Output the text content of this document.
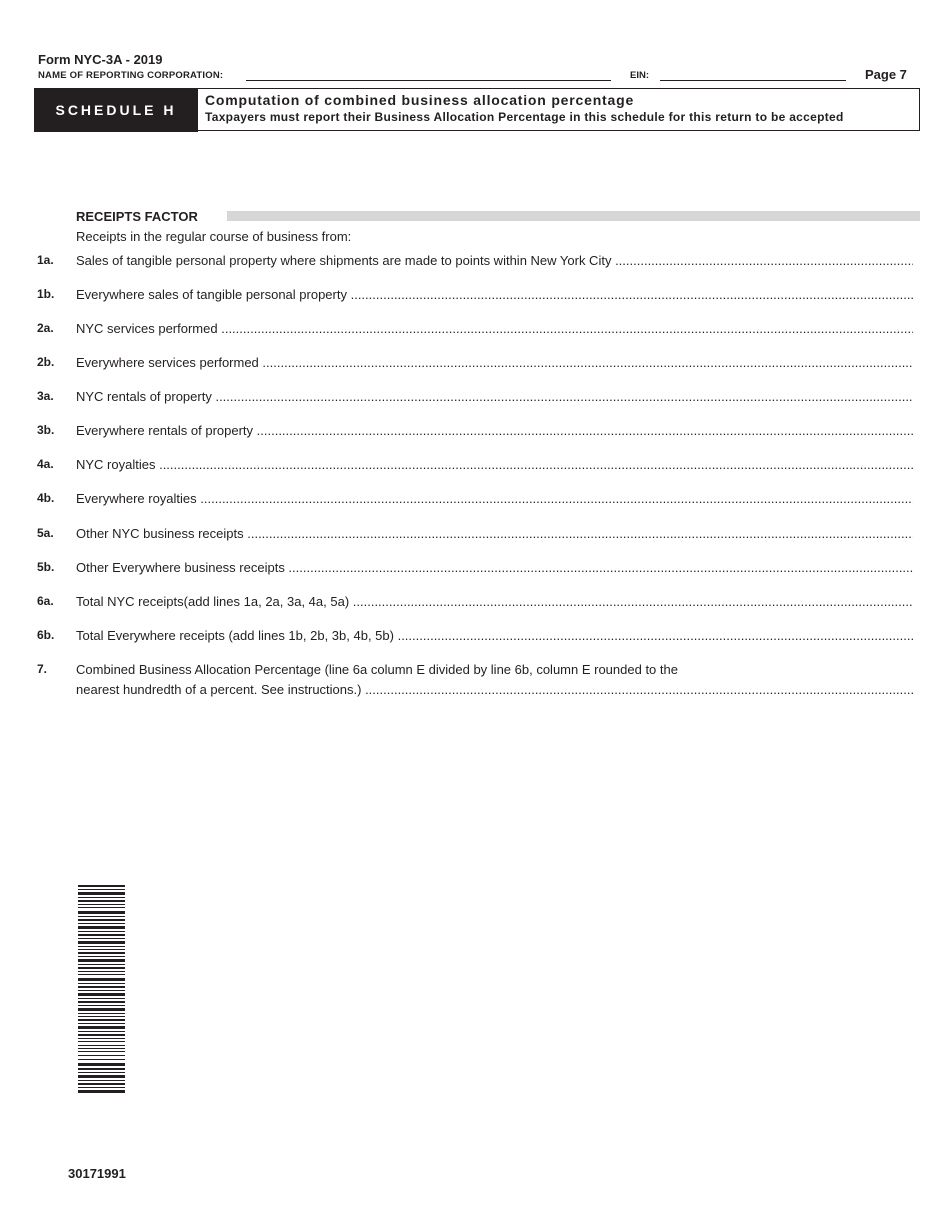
Form NYC-3A - 2019
NAME OF REPORTING CORPORATION:	EIN:	Page 7
SCHEDULE H
Computation of combined business allocation percentage
Taxpayers must report their Business Allocation Percentage in this schedule for this return to be accepted
RECEIPTS FACTOR
Receipts in the regular course of business from:
1a. Sales of tangible personal property where shipments are made to points within New York City .....
1b. Everywhere sales of tangible personal property .....
2a. NYC services performed .....
2b. Everywhere services performed .....
3a. NYC rentals of property .....
3b. Everywhere rentals of property .....
4a. NYC royalties .....
4b. Everywhere royalties .....
5a. Other NYC business receipts .....
5b. Other Everywhere business receipts .....
6a. Total NYC receipts(add lines 1a, 2a, 3a, 4a, 5a) .....
6b. Total Everywhere receipts (add lines 1b, 2b, 3b, 4b, 5b) .....
7. Combined Business Allocation Percentage (line 6a column E divided by line 6b, column E rounded to the
nearest hundredth of a percent. See instructions.) .....
30171991
